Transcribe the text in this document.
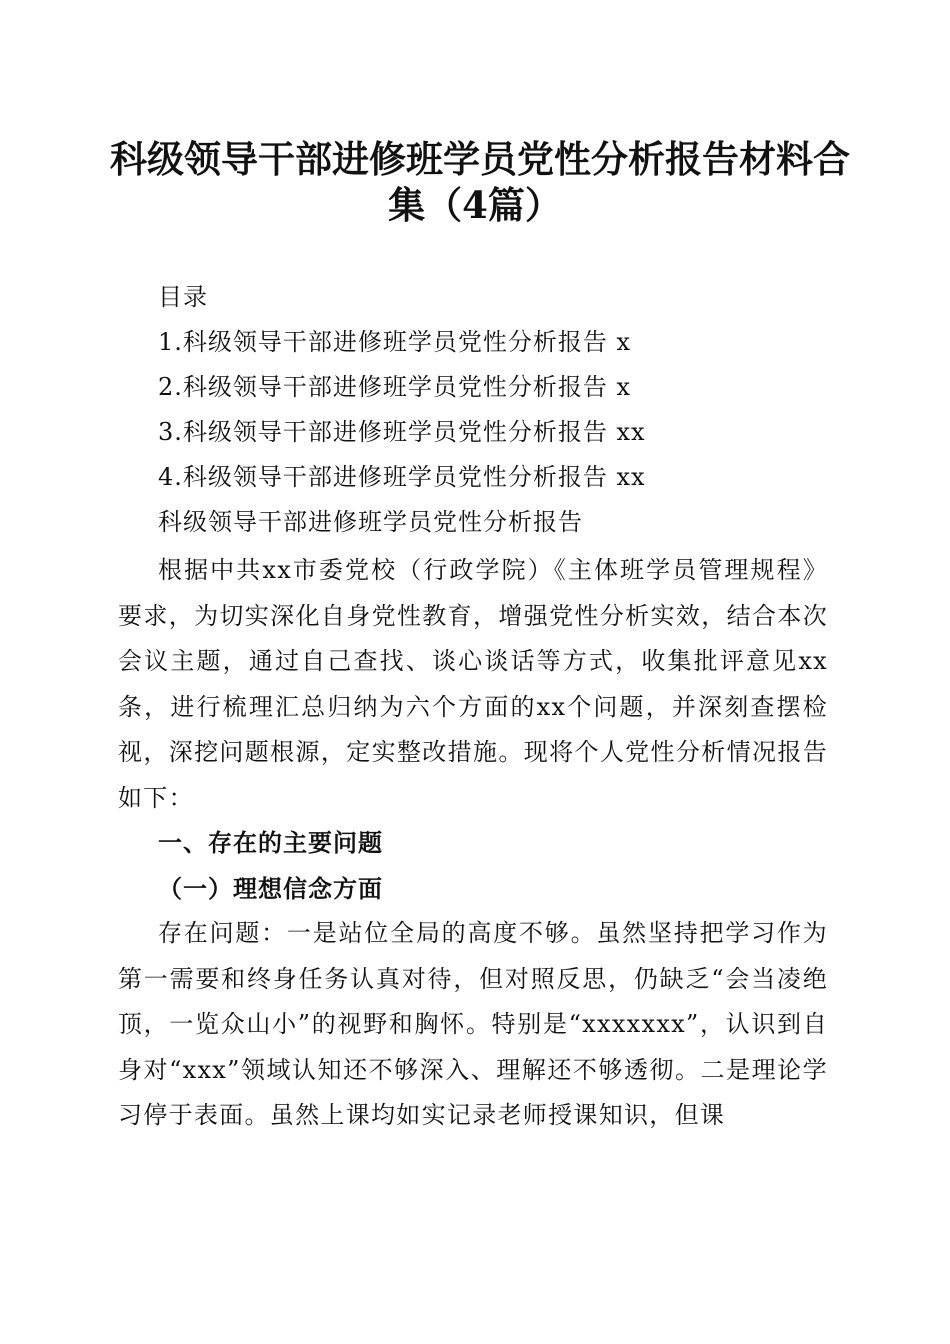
科级领导干部进修班学员党性分析报告材料合
集（4篇）
目录
1.科级领导干部进修班学员党性分析报告 x
2.科级领导干部进修班学员党性分析报告 x
3.科级领导干部进修班学员党性分析报告 xx
4.科级领导干部进修班学员党性分析报告 xx
科级领导干部进修班学员党性分析报告

根据中共xx市委党校（行政学院）《主体班学员管理规程》要求，为切实深化自身党性教育，增强党性分析实效，结合本次会议主题，通过自己查找、谈心谈话等方式，收集批评意见xx条，进行梳理汇总归纳为六个方面的xx个问题，并深刻查摆检视，深挖问题根源，定实整改措施。现将个人党性分析情况报告如下：

一、存在的主要问题

（一）理想信念方面

存在问题：一是站位全局的高度不够。虽然坚持把学习作为第一需要和终身任务认真对待，但对照反思，仍缺乏“会当凌绝顶，一览众山小”的视野和胸怀。特别是“xxxxxxx”，认识到自身对“xxx”领域认知还不够深入、理解还不够透彻。二是理论学习停于表面。虽然上课均如实记录老师授课知识，但课
